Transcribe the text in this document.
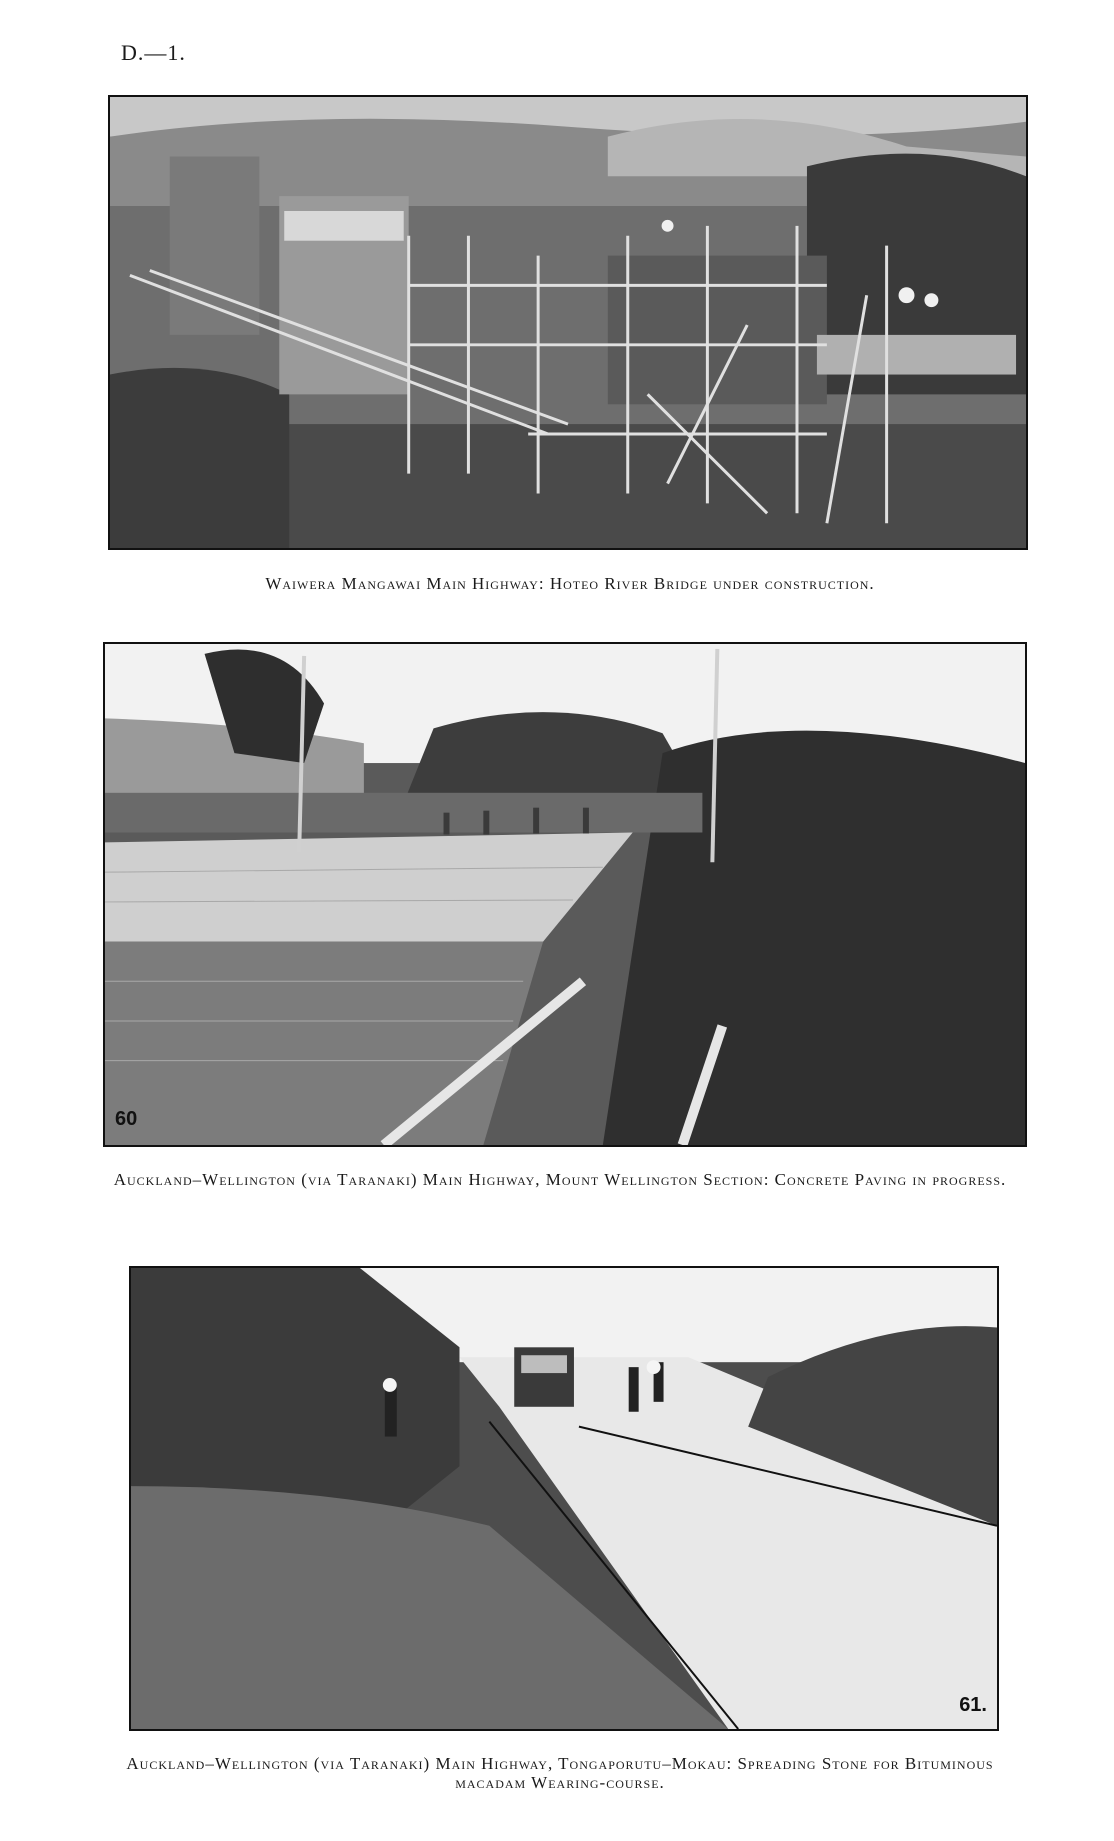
D.—1.
Waiwera Mangawai Main Highway: Hoteo River Bridge under construction.
60
Auckland–Wellington (via Taranaki) Main Highway, Mount Wellington Section: Concrete Paving in progress.
61.
Auckland–Wellington (via Taranaki) Main Highway, Tongaporutu–Mokau: Spreading Stone for Bituminous macadam Wearing-course.
